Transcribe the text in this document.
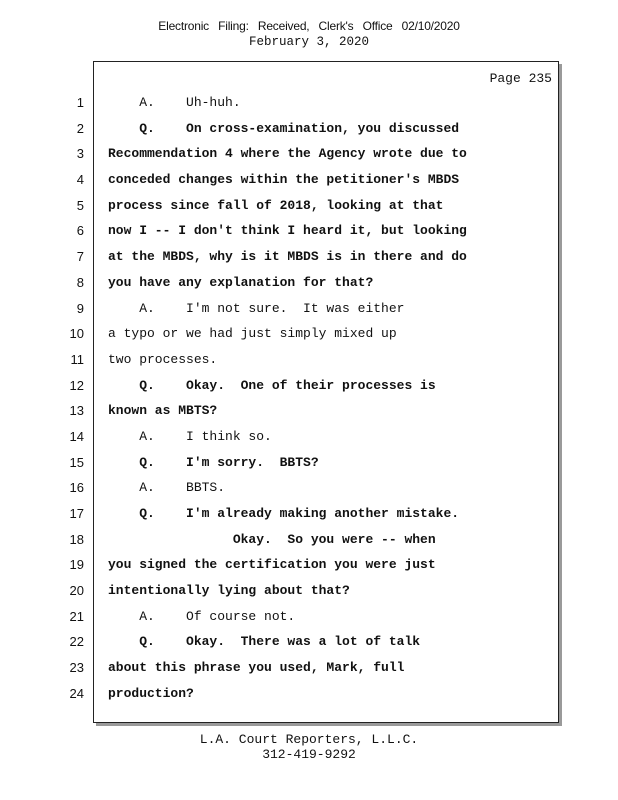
Electronic Filing: Received, Clerk's Office 02/10/2020
February 3, 2020
Page 235
1 A.    Uh-huh.
2 Q.    On cross-examination, you discussed
3 Recommendation 4 where the Agency wrote due to
4 conceded changes within the petitioner's MBDS
5 process since fall of 2018, looking at that
6 now I -- I don't think I heard it, but looking
7 at the MBDS, why is it MBDS is in there and do
8 you have any explanation for that?
9 A.    I'm not sure.  It was either
10 a typo or we had just simply mixed up
11 two processes.
12 Q.    Okay.  One of their processes is
13 known as MBTS?
14 A.    I think so.
15 Q.    I'm sorry.  BBTS?
16 A.    BBTS.
17 Q.    I'm already making another mistake.
18 Okay.  So you were -- when
19 you signed the certification you were just
20 intentionally lying about that?
21 A.    Of course not.
22 Q.    Okay.  There was a lot of talk
23 about this phrase you used, Mark, full
24 production?
L.A. Court Reporters, L.L.C.
312-419-9292
